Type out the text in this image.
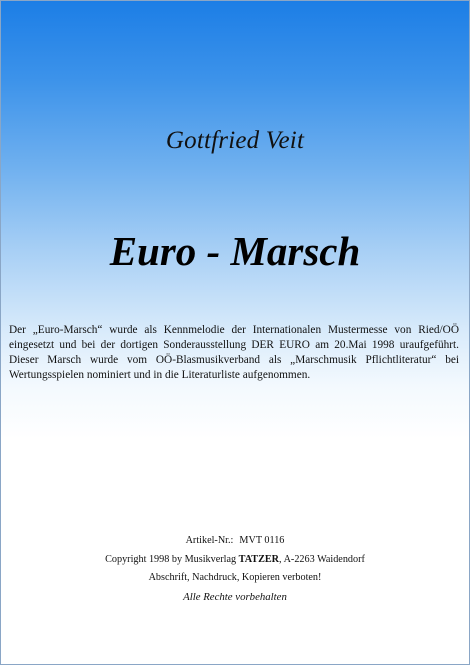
Gottfried Veit
Euro - Marsch
Der „Euro-Marsch“ wurde als Kennmelodie der Internationalen Mustermesse von Ried/OÖ eingesetzt und bei der dortigen Sonderausstellung DER EURO am 20.Mai 1998 uraufgeführt. Dieser Marsch wurde vom OÖ-Blasmusikverband als „Marschmusik Pflichtliteratur“ bei Wertungsspielen nominiert und in die Literaturliste aufgenommen.
Artikel-Nr.: MVT 0116
Copyright 1998 by Musikverlag TATZER, A-2263 Waidendorf
Abschrift, Nachdruck, Kopieren verboten!
Alle Rechte vorbehalten
